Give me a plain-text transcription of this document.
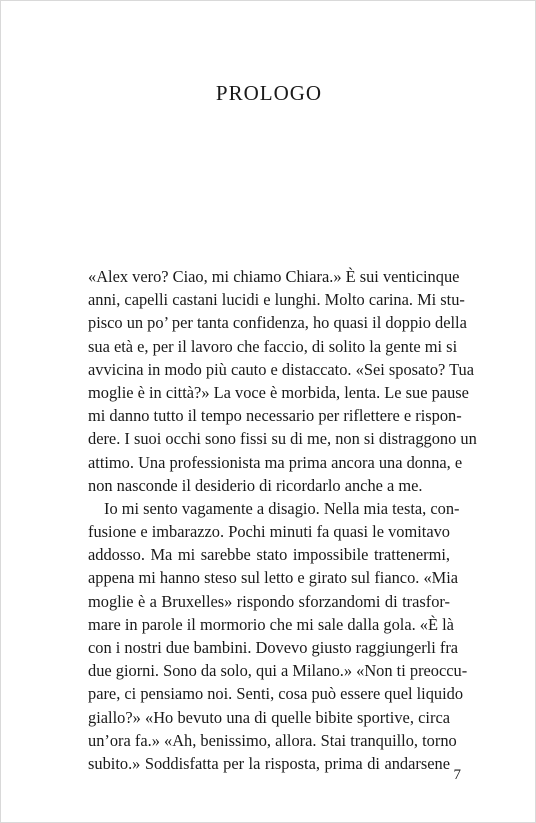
PROLOGO
«Alex vero? Ciao, mi chiamo Chiara.» È sui venticinque
anni, capelli castani lucidi e lunghi. Molto carina. Mi stu-
pisco un po’ per tanta confidenza, ho quasi il doppio della
sua età e, per il lavoro che faccio, di solito la gente mi si
avvicina in modo più cauto e distaccato. «Sei sposato? Tua
moglie è in città?» La voce è morbida, lenta. Le sue pause
mi danno tutto il tempo necessario per riflettere e rispon-
dere. I suoi occhi sono fissi su di me, non si distraggono un
attimo. Una professionista ma prima ancora una donna, e
non nasconde il desiderio di ricordarlo anche a me.
Io mi sento vagamente a disagio. Nella mia testa, con-
fusione e imbarazzo. Pochi minuti fa quasi le vomitavo
addosso. Ma mi sarebbe stato impossibile trattenermi,
appena mi hanno steso sul letto e girato sul fianco. «Mia
moglie è a Bruxelles» rispondo sforzandomi di trasfor-
mare in parole il mormorio che mi sale dalla gola. «È là
con i nostri due bambini. Dovevo giusto raggiungerli fra
due giorni. Sono da solo, qui a Milano.» «Non ti preoccu-
pare, ci pensiamo noi. Senti, cosa può essere quel liquido
giallo?» «Ho bevuto una di quelle bibite sportive, circa
un’ora fa.» «Ah, benissimo, allora. Stai tranquillo, torno
subito.» Soddisfatta per la risposta, prima di andarsene
7
